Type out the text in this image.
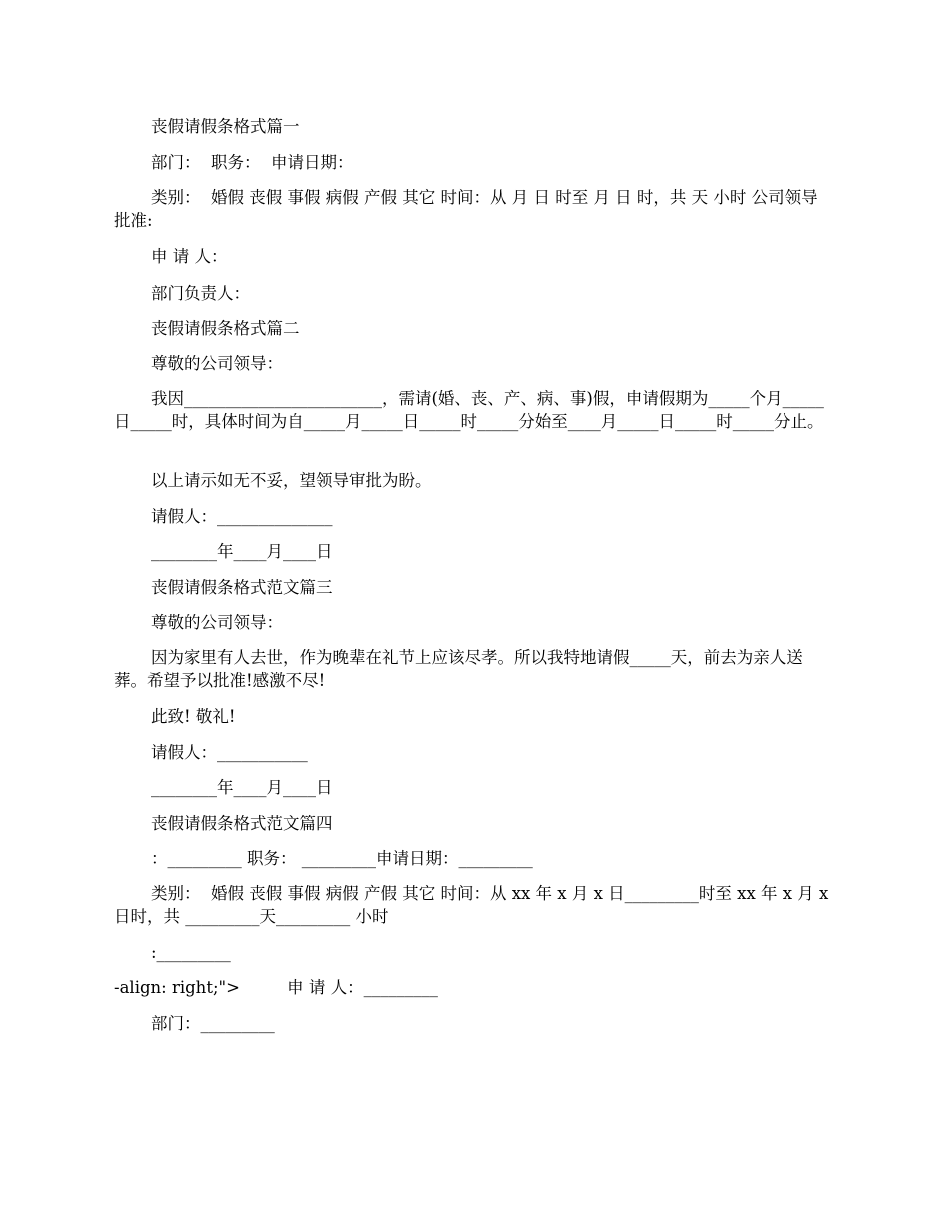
丧假请假条格式篇一

部门：  职务：  申请日期：

类别：  婚假 丧假 事假 病假 产假 其它 时间：从 月 日 时至 月 日 时，共 天 小时 公司领导批准:

申 请 人：

部门负责人：

丧假请假条格式篇二

尊敬的公司领导：

我因________________________，需请(婚、丧、产、病、事)假，申请假期为_____个月_____日_____时，具体时间为自_____月_____日_____时_____分始至____月_____日_____时_____分止。

以上请示如无不妥，望领导审批为盼。

请假人：______________

________年____月____日

丧假请假条格式范文篇三

尊敬的公司领导：

因为家里有人去世，作为晚辈在礼节上应该尽孝。所以我特地请假_____天，前去为亲人送葬。希望予以批准!感激不尽!

此致! 敬礼!

请假人：___________

________年____月____日

丧假请假条格式范文篇四

：_________ 职务： _________申请日期：_________

类别：  婚假 丧假 事假 病假 产假 其它 时间：从 xx 年 x 月 x 日_________时至 xx 年 x 月 x 日时，共 _________天_________ 小时

:_________

-align: right;">         申 请 人：_________

部门：_________
